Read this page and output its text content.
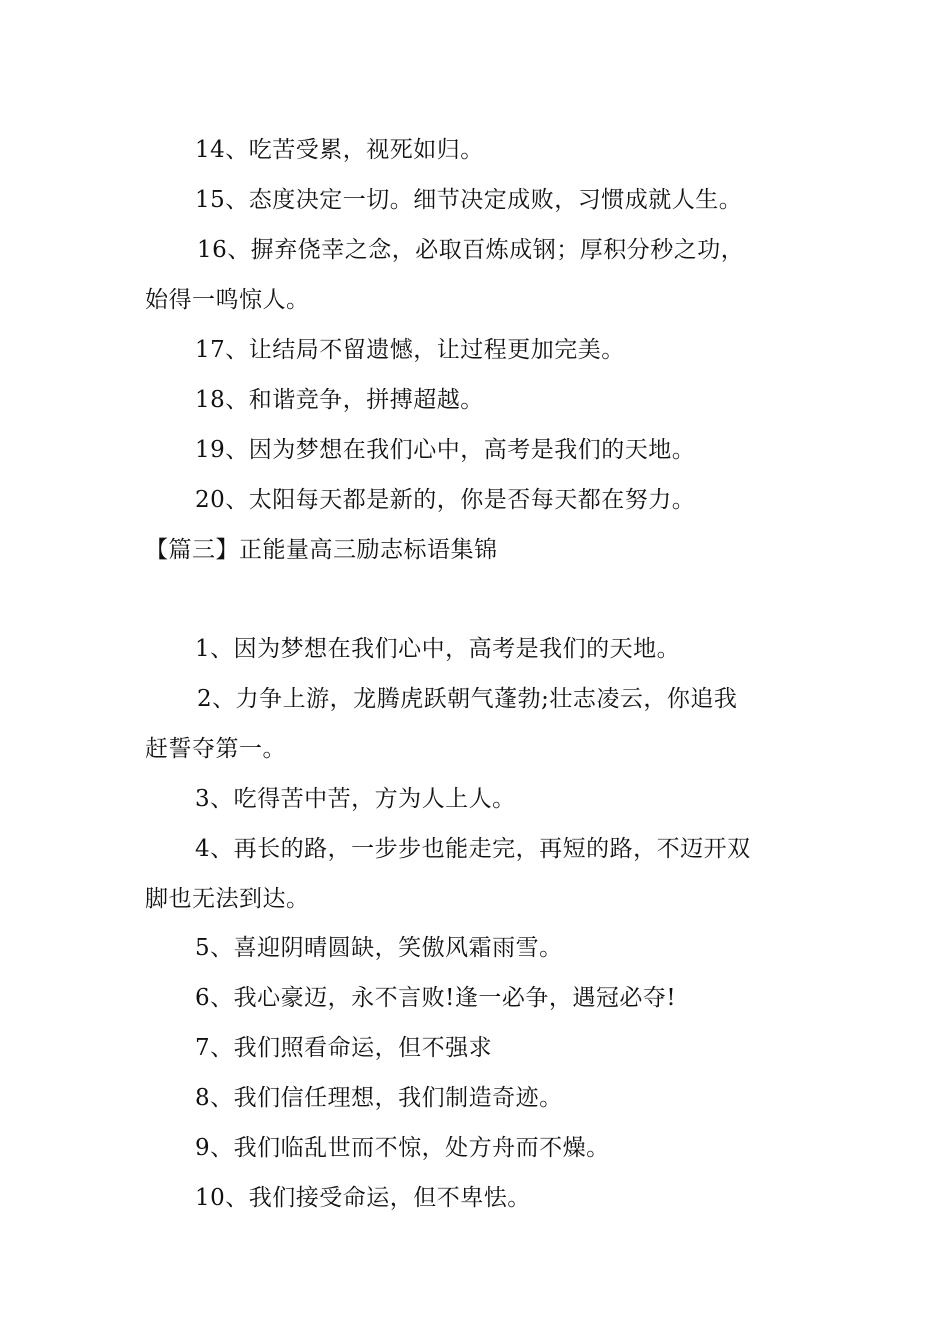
14、吃苦受累，视死如归。
15、态度决定一切。细节决定成败，习惯成就人生。
16、摒弃侥幸之念，必取百炼成钢；厚积分秒之功，
始得一鸣惊人。
17、让结局不留遗憾，让过程更加完美。
18、和谐竞争，拼搏超越。
19、因为梦想在我们心中，高考是我们的天地。
20、太阳每天都是新的，你是否每天都在努力。
【篇三】正能量高三励志标语集锦
1、因为梦想在我们心中，高考是我们的天地。
2、力争上游，龙腾虎跃朝气蓬勃;壮志凌云，你追我
赶誓夺第一。
3、吃得苦中苦，方为人上人。
4、再长的路，一步步也能走完，再短的路，不迈开双
脚也无法到达。
5、喜迎阴晴圆缺，笑傲风霜雨雪。
6、我心豪迈，永不言败!逢一必争，遇冠必夺!
7、我们照看命运，但不强求
8、我们信任理想，我们制造奇迹。
9、我们临乱世而不惊，处方舟而不燥。
10、我们接受命运，但不卑怯。
